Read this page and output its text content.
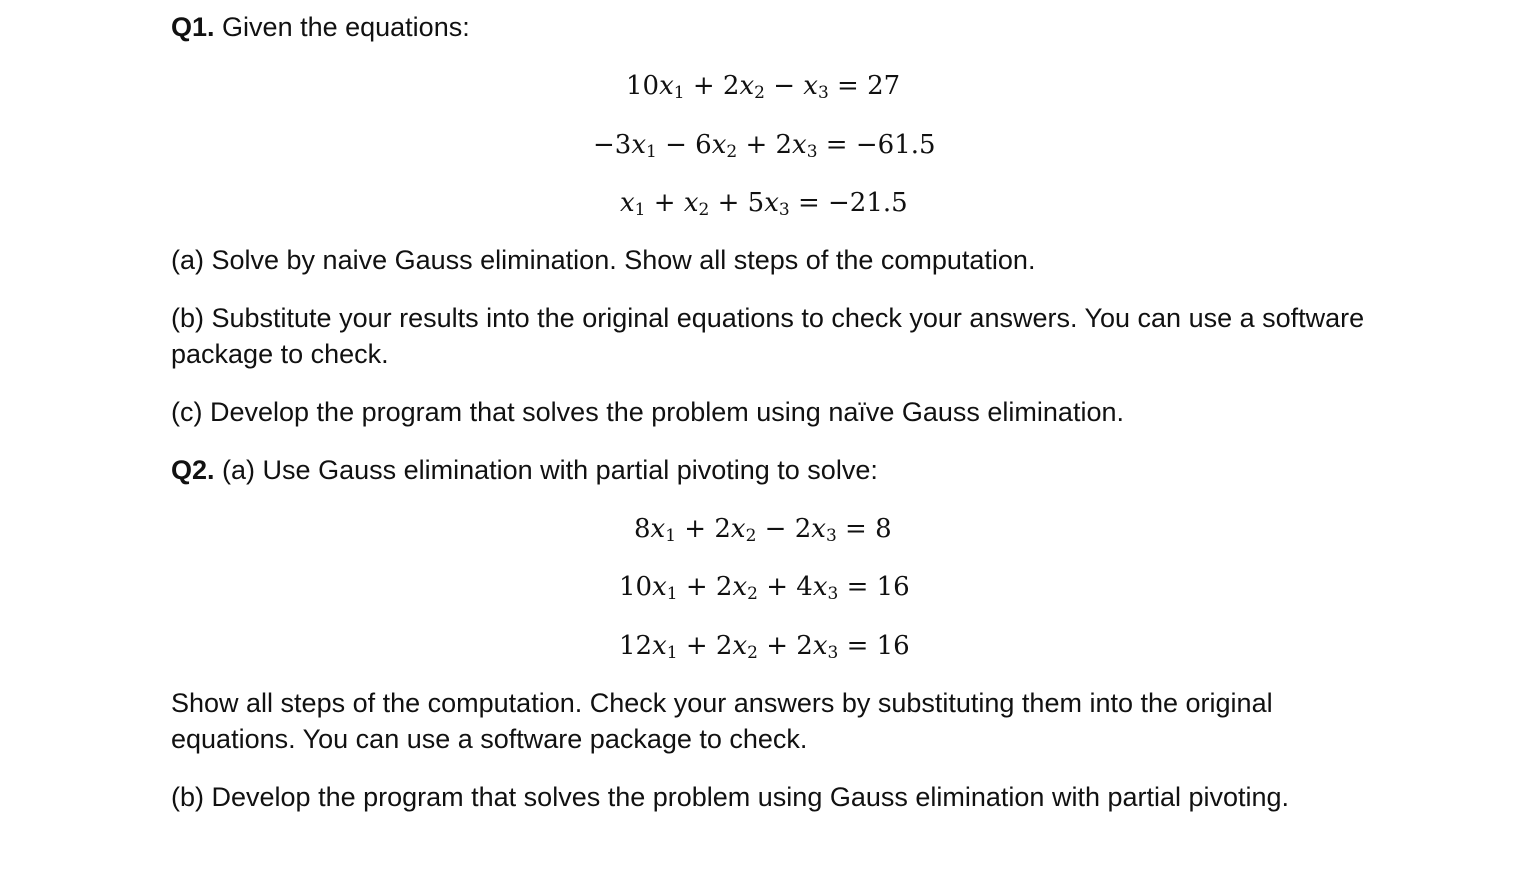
Q1. Given the equations:
$10x_1 + 2x_2 - x_3 = 27$
$-3x_1 - 6x_2 + 2x_3 = -61.5$
$x_1 + x_2 + 5x_3 = -21.5$
(a) Solve by naive Gauss elimination. Show all steps of the computation.
(b) Substitute your results into the original equations to check your answers. You can use a software package to check.
(c) Develop the program that solves the problem using naïve Gauss elimination.
Q2. (a) Use Gauss elimination with partial pivoting to solve:
$8x_1 + 2x_2 - 2x_3 = 8$
$10x_1 + 2x_2 + 4x_3 = 16$
$12x_1 + 2x_2 + 2x_3 = 16$
Show all steps of the computation. Check your answers by substituting them into the original equations. You can use a software package to check.
(b) Develop the program that solves the problem using Gauss elimination with partial pivoting.
